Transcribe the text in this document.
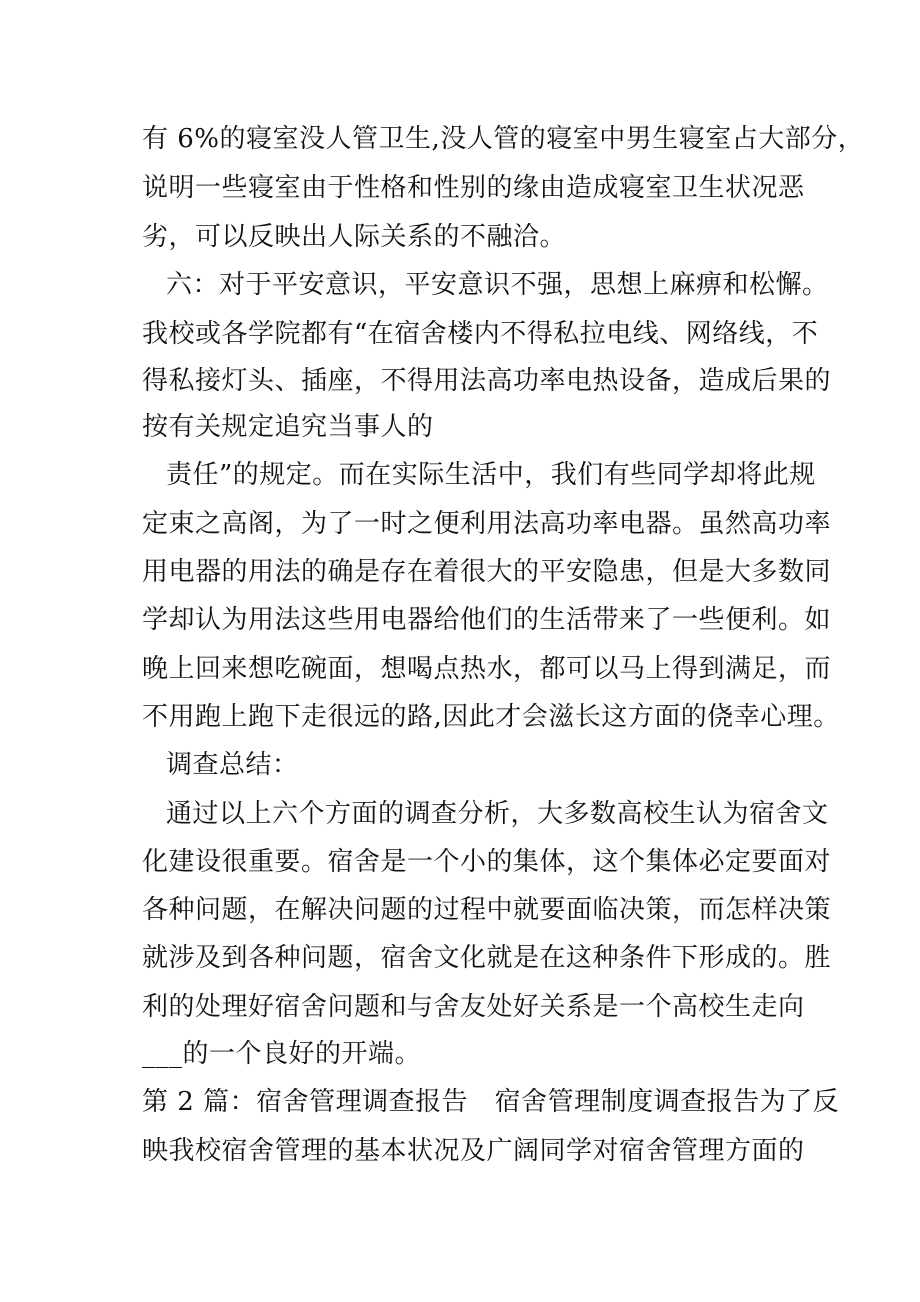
有 6%的寝室没人管卫生,没人管的寝室中男生寝室占大部分，
说明一些寝室由于性格和性别的缘由造成寝室卫生状况恶
劣，可以反映出人际关系的不融洽。
六：对于平安意识，平安意识不强，思想上麻痹和松懈。
我校或各学院都有“在宿舍楼内不得私拉电线、网络线，不
得私接灯头、插座，不得用法高功率电热设备，造成后果的
按有关规定追究当事人的
责任”的规定。而在实际生活中，我们有些同学却将此规
定束之高阁，为了一时之便利用法高功率电器。虽然高功率
用电器的用法的确是存在着很大的平安隐患，但是大多数同
学却认为用法这些用电器给他们的生活带来了一些便利。如
晚上回来想吃碗面，想喝点热水，都可以马上得到满足，而
不用跑上跑下走很远的路,因此才会滋长这方面的侥幸心理。
调查总结：
通过以上六个方面的调查分析，大多数高校生认为宿舍文
化建设很重要。宿舍是一个小的集体，这个集体必定要面对
各种问题，在解决问题的过程中就要面临决策，而怎样决策
就涉及到各种问题，宿舍文化就是在这种条件下形成的。胜
利的处理好宿舍问题和与舍友处好关系是一个高校生走向
___的一个良好的开端。
第 2 篇：宿舍管理调查报告　宿舍管理制度调查报告为了反
映我校宿舍管理的基本状况及广阔同学对宿舍管理方面的
